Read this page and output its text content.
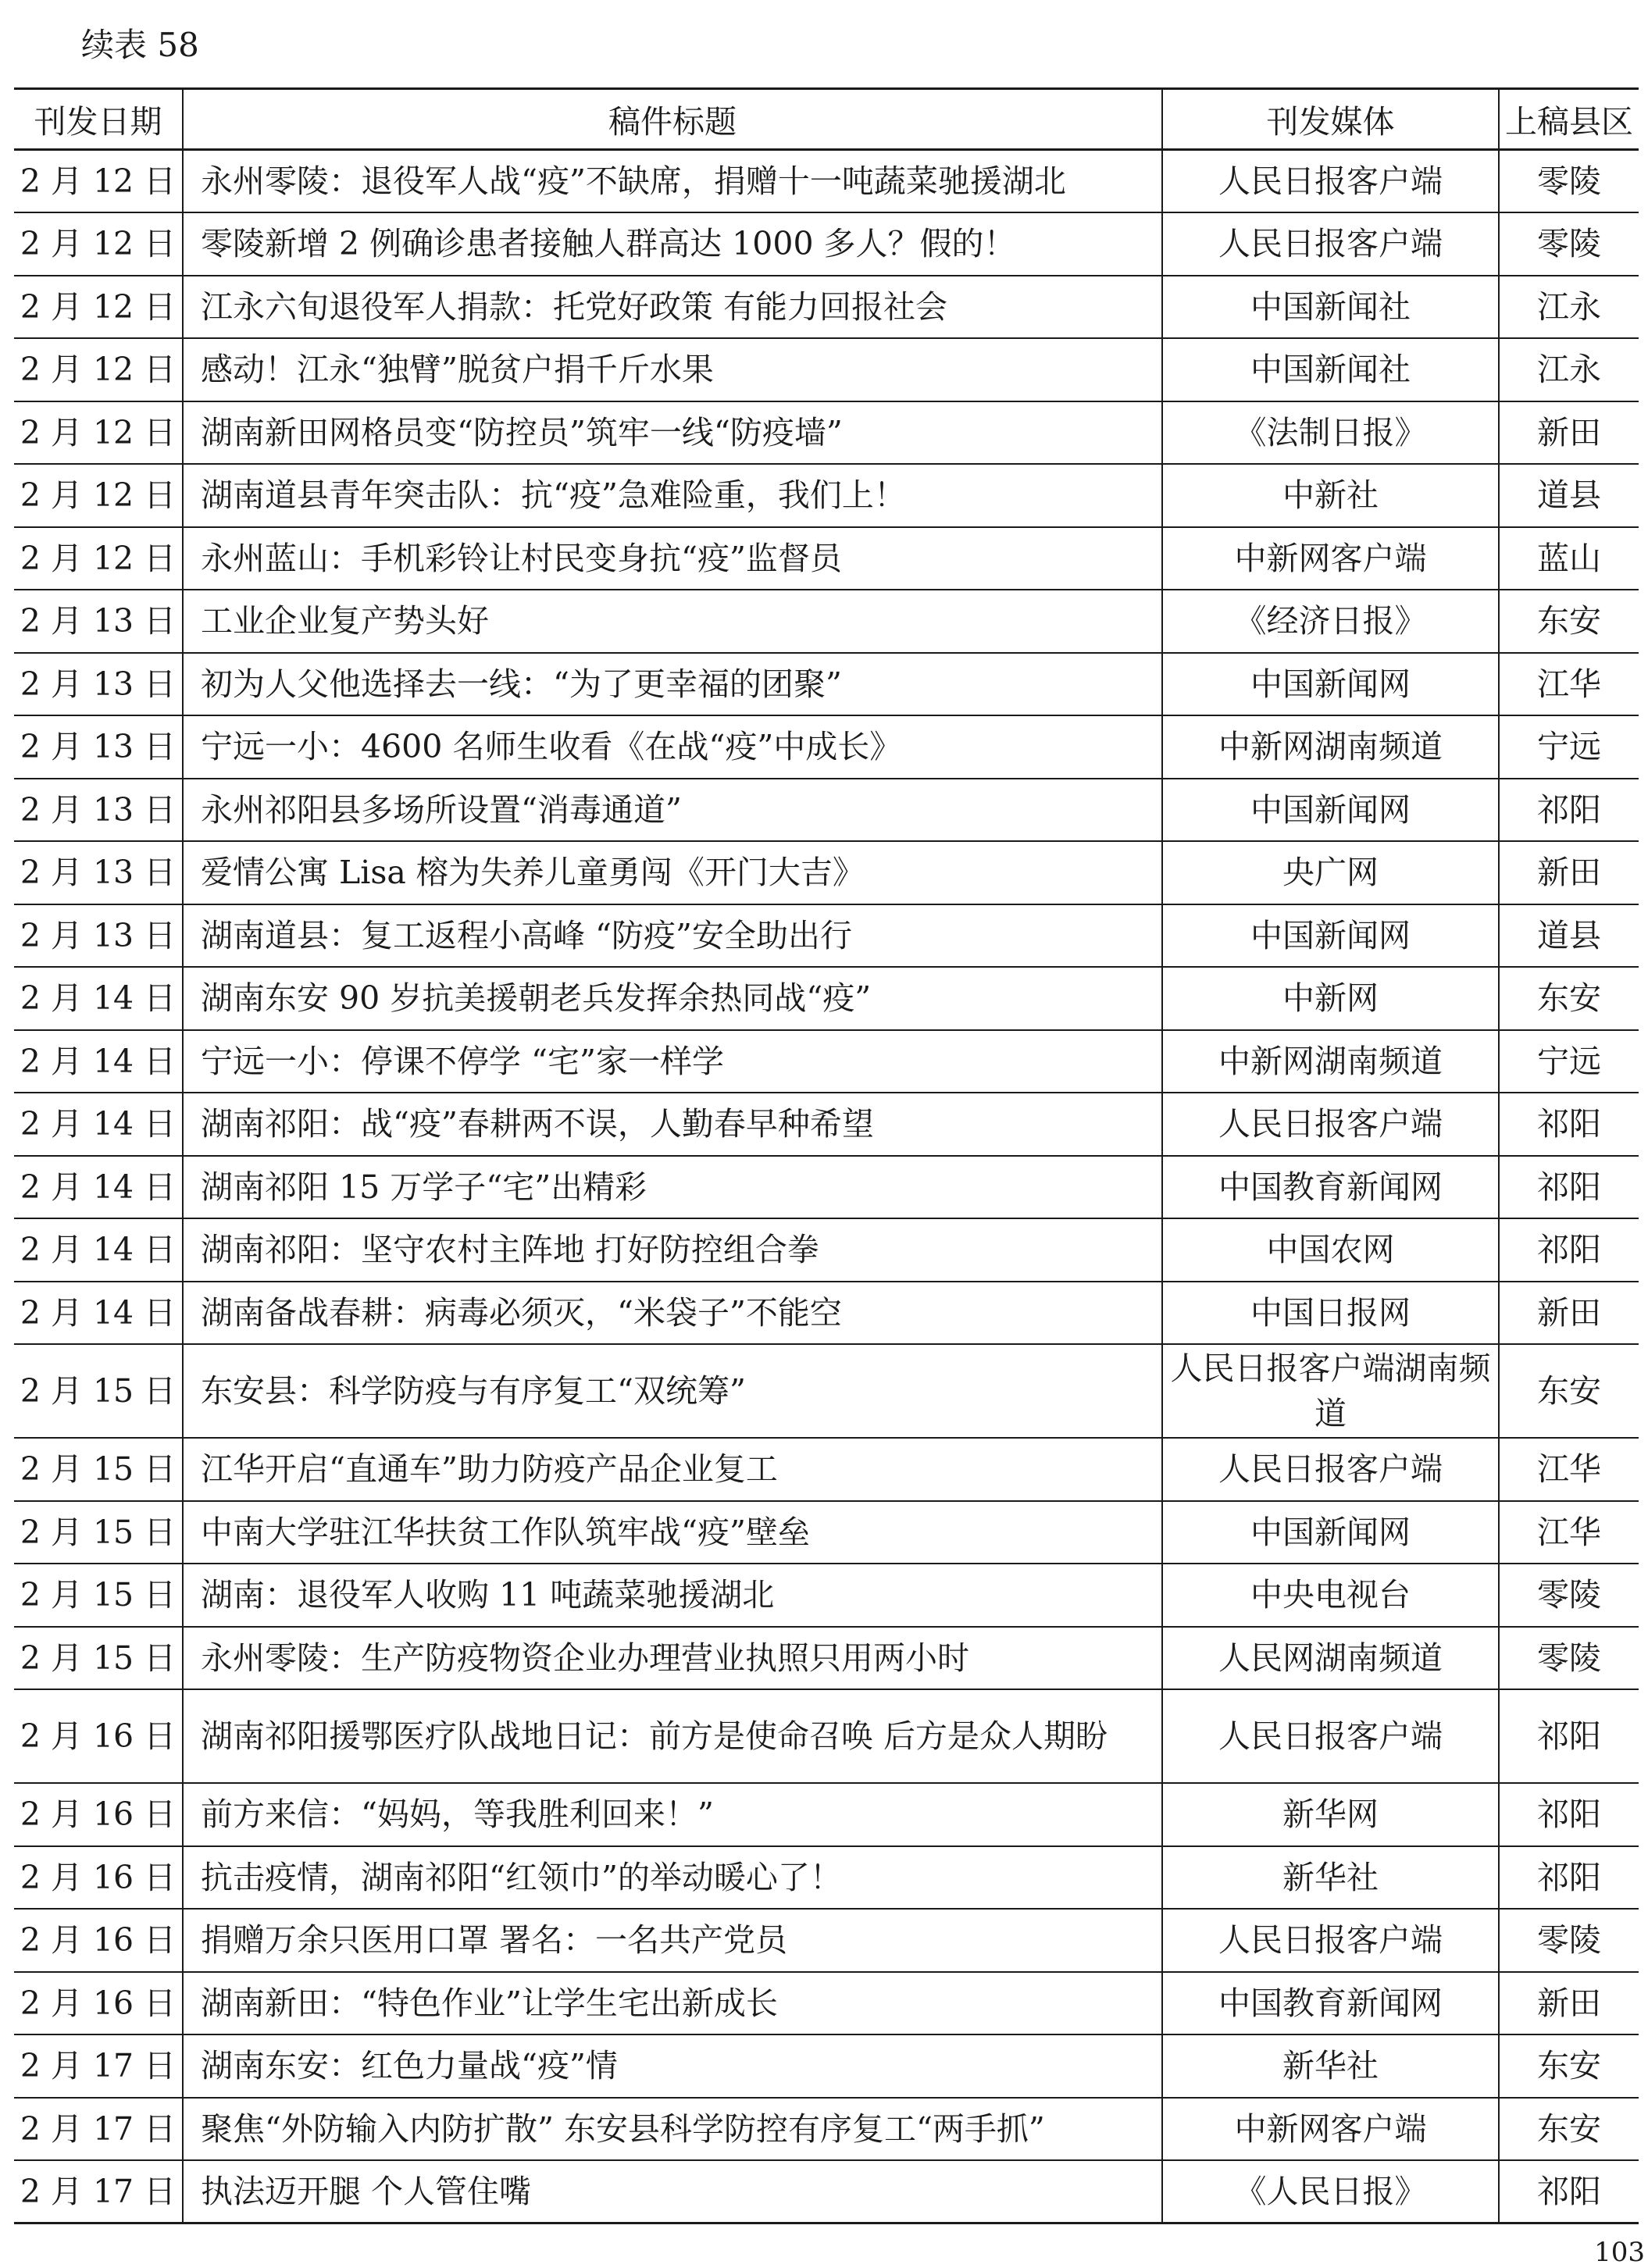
续表 58
刊发日期	稿件标题	刊发媒体	上稿县区
2 月 12 日	永州零陵：退役军人战“疫”不缺席，捐赠十一吨蔬菜驰援湖北	人民日报客户端	零陵
2 月 12 日	零陵新增 2 例确诊患者接触人群高达 1000 多人？假的！	人民日报客户端	零陵
2 月 12 日	江永六旬退役军人捐款：托党好政策 有能力回报社会	中国新闻社	江永
2 月 12 日	感动！江永“独臂”脱贫户捐千斤水果	中国新闻社	江永
2 月 12 日	湖南新田网格员变“防控员”筑牢一线“防疫墙”	《法制日报》	新田
2 月 12 日	湖南道县青年突击队：抗“疫”急难险重，我们上！	中新社	道县
2 月 12 日	永州蓝山：手机彩铃让村民变身抗“疫”监督员	中新网客户端	蓝山
2 月 13 日	工业企业复产势头好	《经济日报》	东安
2 月 13 日	初为人父他选择去一线：“为了更幸福的团聚”	中国新闻网	江华
2 月 13 日	宁远一小：4600 名师生收看《在战“疫”中成长》	中新网湖南频道	宁远
2 月 13 日	永州祁阳县多场所设置“消毒通道”	中国新闻网	祁阳
2 月 13 日	爱情公寓 Lisa 榕为失养儿童勇闯《开门大吉》	央广网	新田
2 月 13 日	湖南道县：复工返程小高峰 “防疫”安全助出行	中国新闻网	道县
2 月 14 日	湖南东安 90 岁抗美援朝老兵发挥余热同战“疫”	中新网	东安
2 月 14 日	宁远一小：停课不停学 “宅”家一样学	中新网湖南频道	宁远
2 月 14 日	湖南祁阳：战“疫”春耕两不误，人勤春早种希望	人民日报客户端	祁阳
2 月 14 日	湖南祁阳 15 万学子“宅”出精彩	中国教育新闻网	祁阳
2 月 14 日	湖南祁阳：坚守农村主阵地 打好防控组合拳	中国农网	祁阳
2 月 14 日	湖南备战春耕：病毒必须灭，“米袋子”不能空	中国日报网	新田
2 月 15 日	东安县：科学防疫与有序复工“双统筹”	人民日报客户端湖南频道	东安
2 月 15 日	江华开启“直通车”助力防疫产品企业复工	人民日报客户端	江华
2 月 15 日	中南大学驻江华扶贫工作队筑牢战“疫”壁垒	中国新闻网	江华
2 月 15 日	湖南：退役军人收购 11 吨蔬菜驰援湖北	中央电视台	零陵
2 月 15 日	永州零陵：生产防疫物资企业办理营业执照只用两小时	人民网湖南频道	零陵
2 月 16 日	湖南祁阳援鄂医疗队战地日记：前方是使命召唤 后方是众人期盼	人民日报客户端	祁阳
2 月 16 日	前方来信：“妈妈，等我胜利回来！”	新华网	祁阳
2 月 16 日	抗击疫情，湖南祁阳“红领巾”的举动暖心了！	新华社	祁阳
2 月 16 日	捐赠万余只医用口罩 署名：一名共产党员	人民日报客户端	零陵
2 月 16 日	湖南新田：“特色作业”让学生宅出新成长	中国教育新闻网	新田
2 月 17 日	湖南东安：红色力量战“疫”情	新华社	东安
2 月 17 日	聚焦“外防输入内防扩散” 东安县科学防控有序复工“两手抓”	中新网客户端	东安
2 月 17 日	执法迈开腿 个人管住嘴	《人民日报》	祁阳
103
